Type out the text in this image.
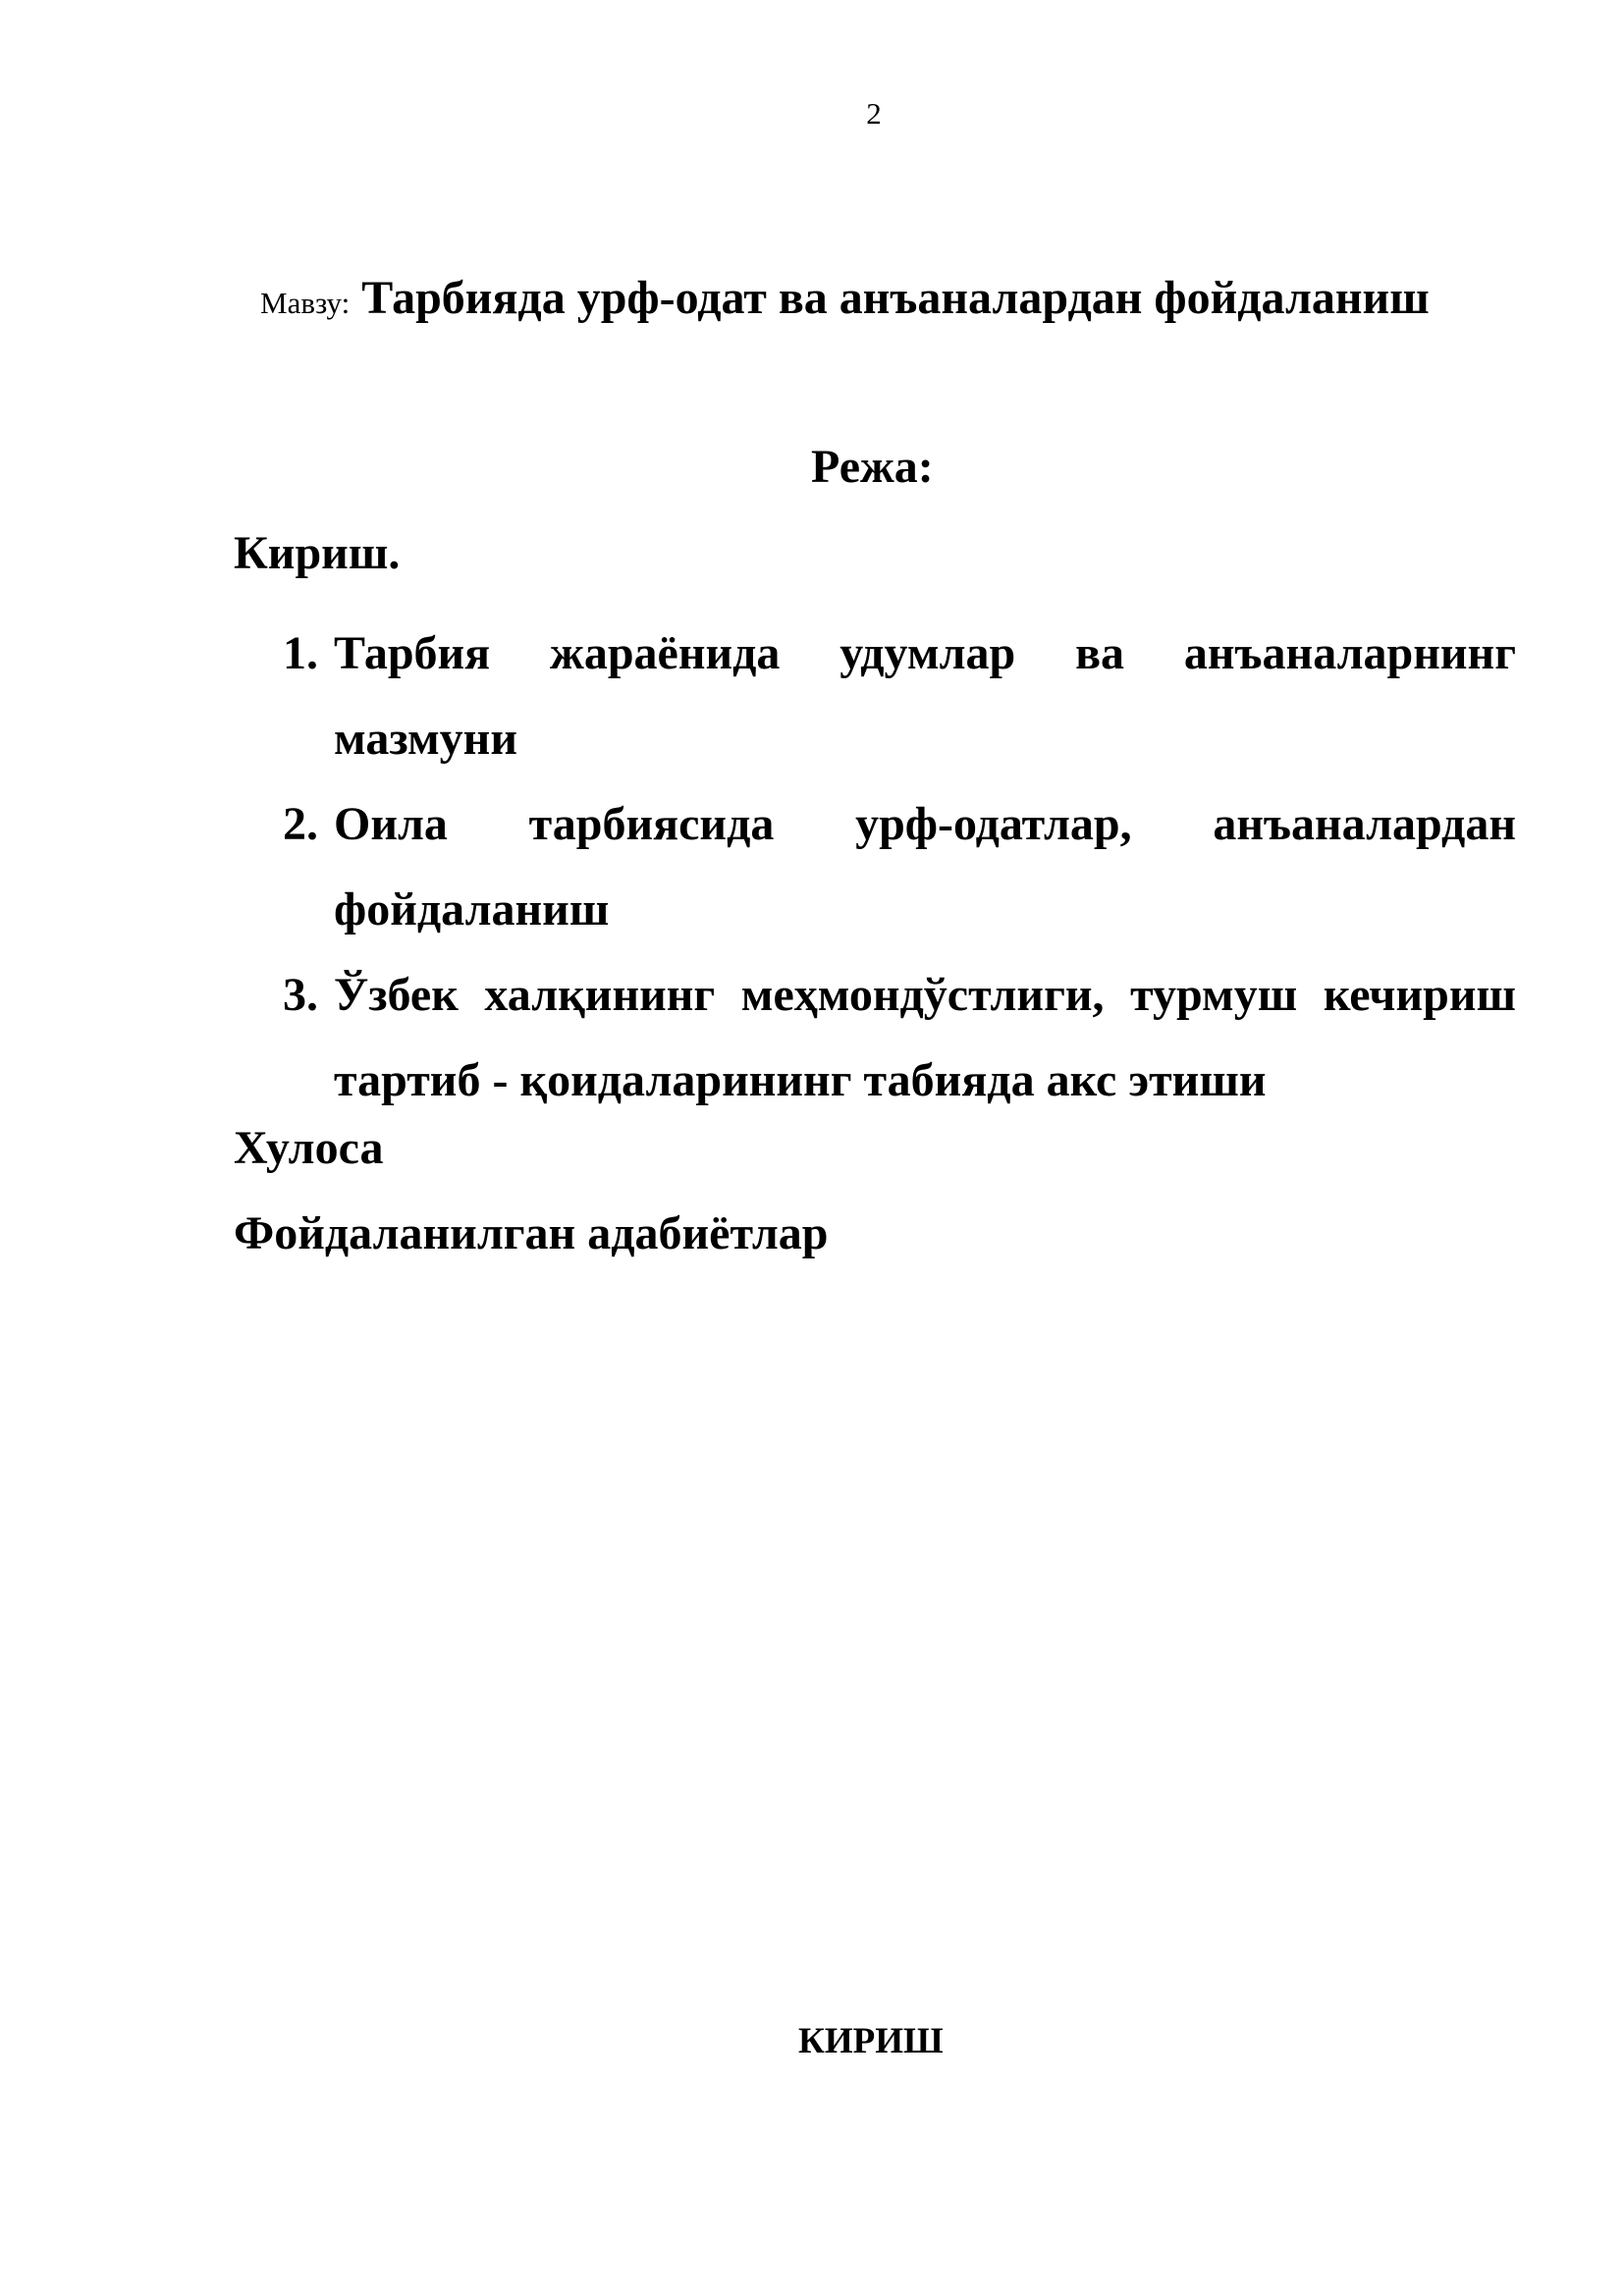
2
Мавзу: Тарбияда урф-одат ва анъаналардан фойдаланиш
Режа:
Кириш.
1. Тарбия жараёнида удумлар ва анъаналарнинг
мазмуни
2. Оила тарбиясида урф-одатлар, анъаналардан
фойдаланиш
3. Ўзбек халқининг меҳмондўстлиги, турмуш кечириш
тартиб - қоидаларининг табияда акс этиши
Хулоса
Фойдаланилган адабиётлар
КИРИШ
